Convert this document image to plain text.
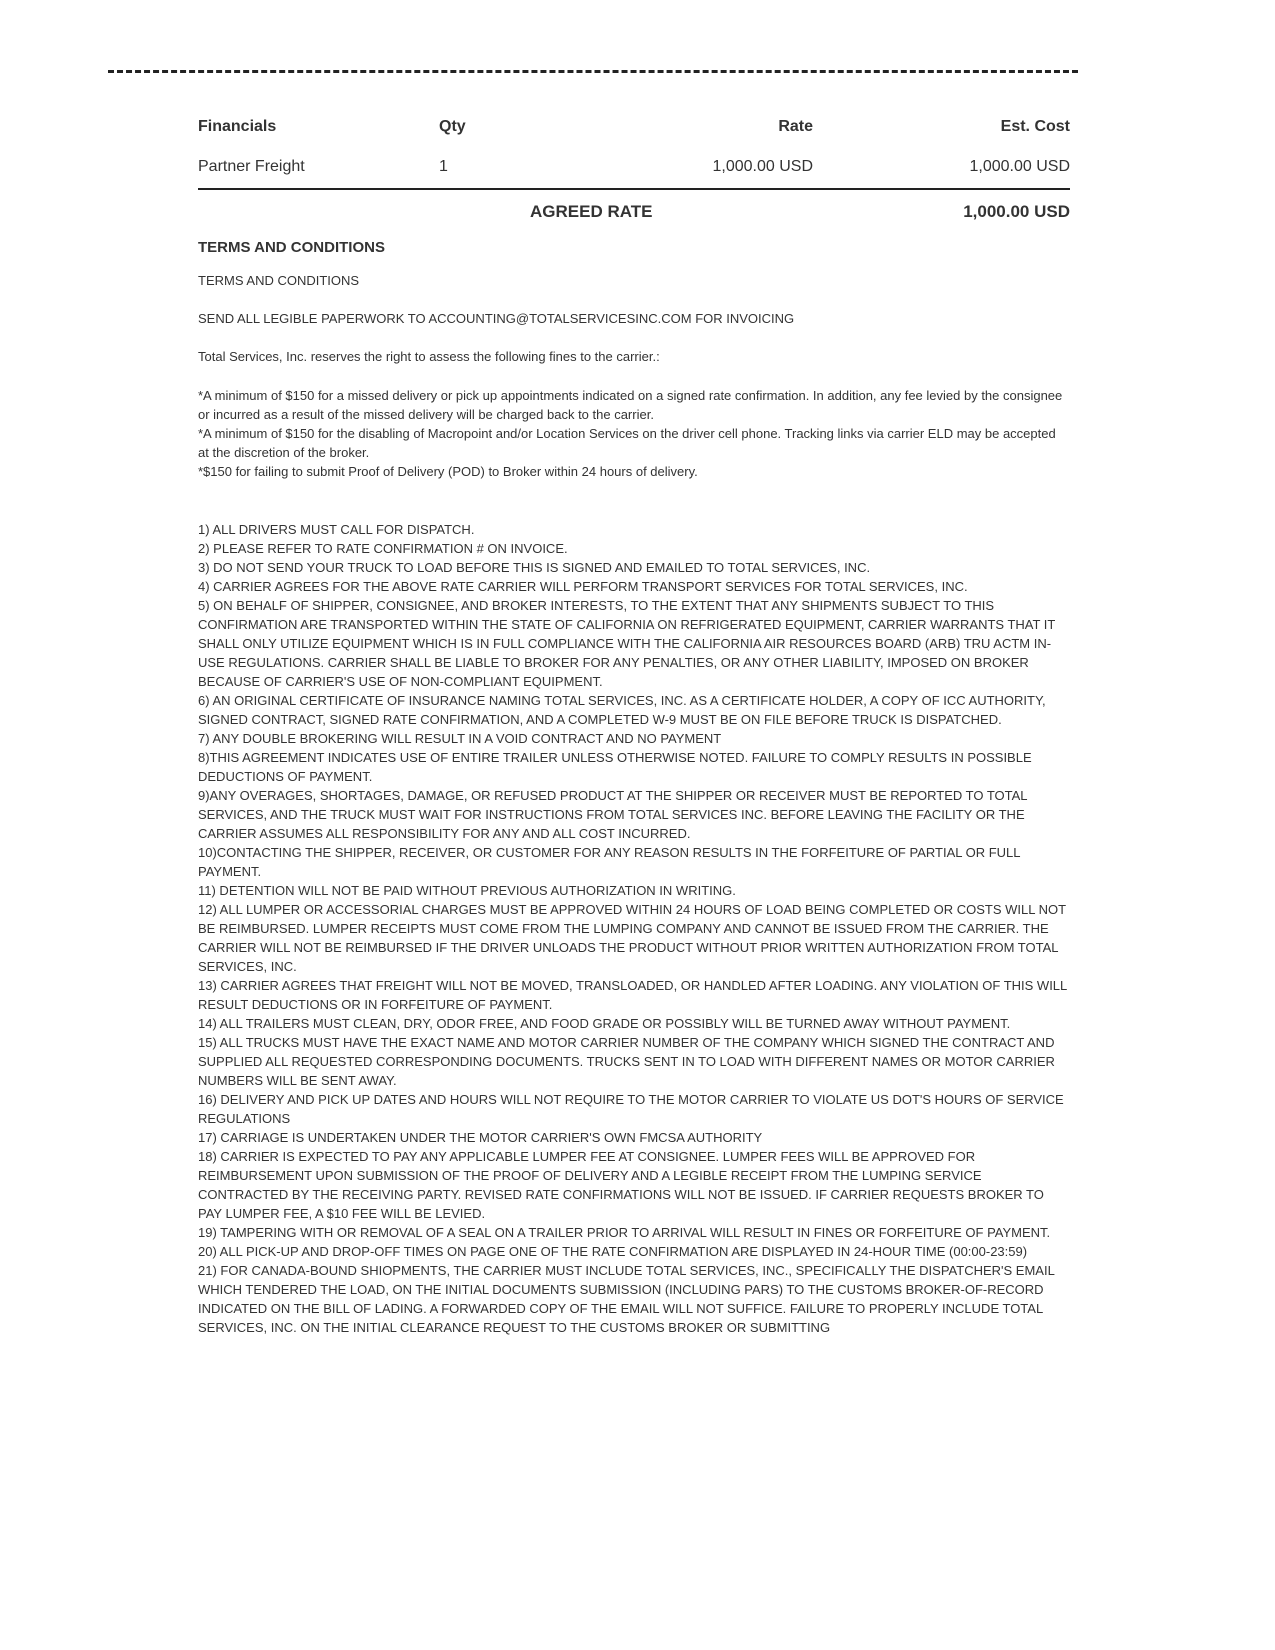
Financials	Qty	Rate	Est. Cost
Partner Freight	1	1,000.00 USD	1,000.00 USD
AGREED RATE	1,000.00 USD
TERMS AND CONDITIONS

TERMS AND CONDITIONS

SEND ALL LEGIBLE PAPERWORK TO ACCOUNTING@TOTALSERVICESINC.COM FOR INVOICING

Total Services, Inc. reserves the right to assess the following fines to the carrier.:

*A minimum of $150 for a missed delivery or pick up appointments indicated on a signed rate confirmation. In addition, any fee levied by the consignee or incurred as a result of the missed delivery will be charged back to the carrier.

*A minimum of $150 for the disabling of Macropoint and/or Location Services on the driver cell phone. Tracking links via carrier ELD may be accepted at the discretion of the broker.

*$150 for failing to submit Proof of Delivery (POD) to Broker within 24 hours of delivery.

1) ALL DRIVERS MUST CALL FOR DISPATCH.

2) PLEASE REFER TO RATE CONFIRMATION # ON INVOICE.

3) DO NOT SEND YOUR TRUCK TO LOAD BEFORE THIS IS SIGNED AND EMAILED TO TOTAL SERVICES, INC.

4) CARRIER AGREES FOR THE ABOVE RATE CARRIER WILL PERFORM TRANSPORT SERVICES FOR TOTAL SERVICES, INC.

5) ON BEHALF OF SHIPPER, CONSIGNEE, AND BROKER INTERESTS, TO THE EXTENT THAT ANY SHIPMENTS SUBJECT TO THIS CONFIRMATION ARE TRANSPORTED WITHIN THE STATE OF CALIFORNIA ON REFRIGERATED EQUIPMENT, CARRIER WARRANTS THAT IT SHALL ONLY UTILIZE EQUIPMENT WHICH IS IN FULL COMPLIANCE WITH THE CALIFORNIA AIR RESOURCES BOARD (ARB) TRU ACTM IN-USE REGULATIONS. CARRIER SHALL BE LIABLE TO BROKER FOR ANY PENALTIES, OR ANY OTHER LIABILITY, IMPOSED ON BROKER BECAUSE OF CARRIER'S USE OF NON-COMPLIANT EQUIPMENT.

6) AN ORIGINAL CERTIFICATE OF INSURANCE NAMING TOTAL SERVICES, INC. AS A CERTIFICATE HOLDER, A COPY OF ICC AUTHORITY, SIGNED CONTRACT, SIGNED RATE CONFIRMATION, AND A COMPLETED W-9 MUST BE ON FILE BEFORE TRUCK IS DISPATCHED.

7) ANY DOUBLE BROKERING WILL RESULT IN A VOID CONTRACT AND NO PAYMENT

8)THIS AGREEMENT INDICATES USE OF ENTIRE TRAILER UNLESS OTHERWISE NOTED. FAILURE TO COMPLY RESULTS IN POSSIBLE DEDUCTIONS OF PAYMENT.

9)ANY OVERAGES, SHORTAGES, DAMAGE, OR REFUSED PRODUCT AT THE SHIPPER OR RECEIVER MUST BE REPORTED TO TOTAL SERVICES, AND THE TRUCK MUST WAIT FOR INSTRUCTIONS FROM TOTAL SERVICES INC. BEFORE LEAVING THE FACILITY OR THE CARRIER ASSUMES ALL RESPONSIBILITY FOR ANY AND ALL COST INCURRED.

10)CONTACTING THE SHIPPER, RECEIVER, OR CUSTOMER FOR ANY REASON RESULTS IN THE FORFEITURE OF PARTIAL OR FULL PAYMENT.

11) DETENTION WILL NOT BE PAID WITHOUT PREVIOUS AUTHORIZATION IN WRITING.

12) ALL LUMPER OR ACCESSORIAL CHARGES MUST BE APPROVED WITHIN 24 HOURS OF LOAD BEING COMPLETED OR COSTS WILL NOT BE REIMBURSED. LUMPER RECEIPTS MUST COME FROM THE LUMPING COMPANY AND CANNOT BE ISSUED FROM THE CARRIER. THE CARRIER WILL NOT BE REIMBURSED IF THE DRIVER UNLOADS THE PRODUCT WITHOUT PRIOR WRITTEN AUTHORIZATION FROM TOTAL SERVICES, INC.

13) CARRIER AGREES THAT FREIGHT WILL NOT BE MOVED, TRANSLOADED, OR HANDLED AFTER LOADING. ANY VIOLATION OF THIS WILL RESULT DEDUCTIONS OR IN FORFEITURE OF PAYMENT.

14) ALL TRAILERS MUST CLEAN, DRY, ODOR FREE, AND FOOD GRADE OR POSSIBLY WILL BE TURNED AWAY WITHOUT PAYMENT.

15) ALL TRUCKS MUST HAVE THE EXACT NAME AND MOTOR CARRIER NUMBER OF THE COMPANY WHICH SIGNED THE CONTRACT AND SUPPLIED ALL REQUESTED CORRESPONDING DOCUMENTS. TRUCKS SENT IN TO LOAD WITH DIFFERENT NAMES OR MOTOR CARRIER NUMBERS WILL BE SENT AWAY.

16) DELIVERY AND PICK UP DATES AND HOURS WILL NOT REQUIRE TO THE MOTOR CARRIER TO VIOLATE US DOT'S HOURS OF SERVICE REGULATIONS

17) CARRIAGE IS UNDERTAKEN UNDER THE MOTOR CARRIER'S OWN FMCSA AUTHORITY

18) CARRIER IS EXPECTED TO PAY ANY APPLICABLE LUMPER FEE AT CONSIGNEE. LUMPER FEES WILL BE APPROVED FOR REIMBURSEMENT UPON SUBMISSION OF THE PROOF OF DELIVERY AND A LEGIBLE RECEIPT FROM THE LUMPING SERVICE CONTRACTED BY THE RECEIVING PARTY. REVISED RATE CONFIRMATIONS WILL NOT BE ISSUED. IF CARRIER REQUESTS BROKER TO PAY LUMPER FEE, A $10 FEE WILL BE LEVIED.

19) TAMPERING WITH OR REMOVAL OF A SEAL ON A TRAILER PRIOR TO ARRIVAL WILL RESULT IN FINES OR FORFEITURE OF PAYMENT.

20) ALL PICK-UP AND DROP-OFF TIMES ON PAGE ONE OF THE RATE CONFIRMATION ARE DISPLAYED IN 24-HOUR TIME (00:00-23:59)

21) FOR CANADA-BOUND SHIOPMENTS, THE CARRIER MUST INCLUDE TOTAL SERVICES, INC., SPECIFICALLY THE DISPATCHER'S EMAIL WHICH TENDERED THE LOAD, ON THE INITIAL DOCUMENTS SUBMISSION (INCLUDING PARS) TO THE CUSTOMS BROKER-OF-RECORD INDICATED ON THE BILL OF LADING. A FORWARDED COPY OF THE EMAIL WILL NOT SUFFICE. FAILURE TO PROPERLY INCLUDE TOTAL SERVICES, INC. ON THE INITIAL CLEARANCE REQUEST TO THE CUSTOMS BROKER OR SUBMITTING
